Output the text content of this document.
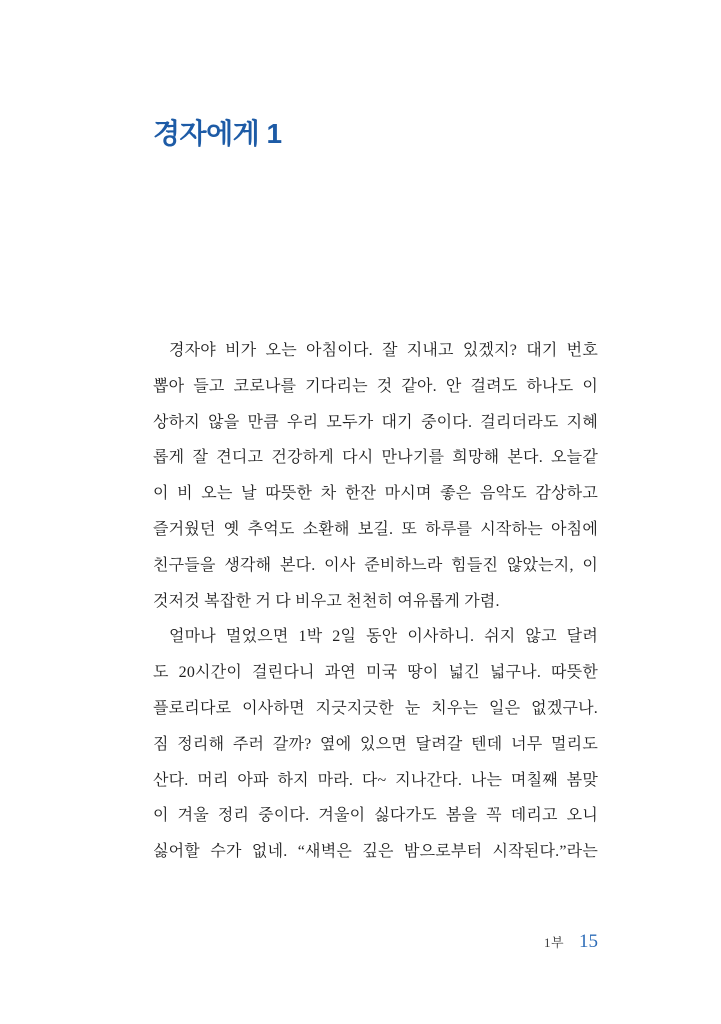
경자에게 1
경자야 비가 오는 아침이다. 잘 지내고 있겠지? 대기 번호
뽑아 들고 코로나를 기다리는 것 같아. 안 걸려도 하나도 이
상하지 않을 만큼 우리 모두가 대기 중이다. 걸리더라도 지혜
롭게 잘 견디고 건강하게 다시 만나기를 희망해 본다. 오늘같
이 비 오는 날 따뜻한 차 한잔 마시며 좋은 음악도 감상하고
즐거웠던 옛 추억도 소환해 보길. 또 하루를 시작하는 아침에
친구들을 생각해 본다. 이사 준비하느라 힘들진 않았는지, 이
것저것 복잡한 거 다 비우고 천천히 여유롭게 가렴.
얼마나 멀었으면 1박 2일 동안 이사하니. 쉬지 않고 달려
도 20시간이 걸린다니 과연 미국 땅이 넓긴 넓구나. 따뜻한
플로리다로 이사하면 지긋지긋한 눈 치우는 일은 없겠구나.
짐 정리해 주러 갈까? 옆에 있으면 달려갈 텐데 너무 멀리도
산다. 머리 아파 하지 마라. 다~ 지나간다. 나는 며칠째 봄맞
이 겨울 정리 중이다. 겨울이 싫다가도 봄을 꼭 데리고 오니
싫어할 수가 없네. “새벽은 깊은 밤으로부터 시작된다.”라는
1부 15
